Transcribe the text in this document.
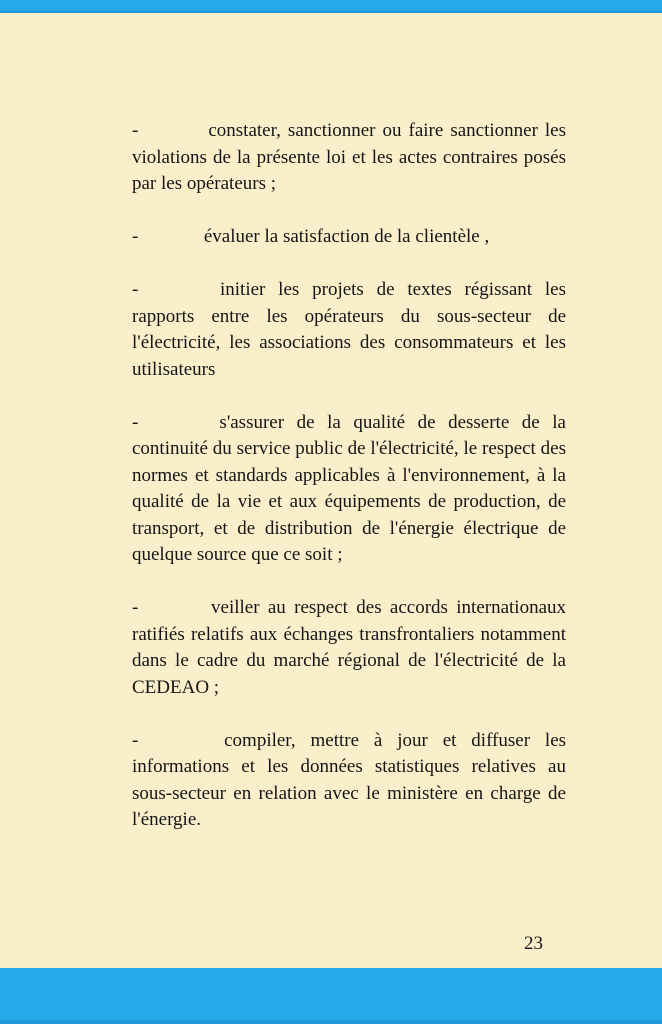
-	constater, sanctionner ou faire sanctionner les violations de la présente loi et les actes contraires posés par les opérateurs ;

-	évaluer la satisfaction de la clientèle ,

-	initier les projets de textes régissant les rapports entre les opérateurs du sous-secteur de l'électricité, les associations des consommateurs et les utilisateurs

-	s'assurer de la qualité de desserte de la continuité du service public de l'électricité, le respect des normes et standards applicables à l'environnement, à la qualité de la vie et aux équipements de production, de transport, et de distribution de l'énergie électrique de quelque source que ce soit ;

-	veiller au respect des accords internationaux ratifiés relatifs aux échanges transfrontaliers notamment dans le cadre du marché régional de l'électricité de la CEDEAO ;

-	compiler, mettre à jour et diffuser les informations et les données statistiques relatives au sous-secteur en relation avec le ministère en charge de l'énergie.

23
